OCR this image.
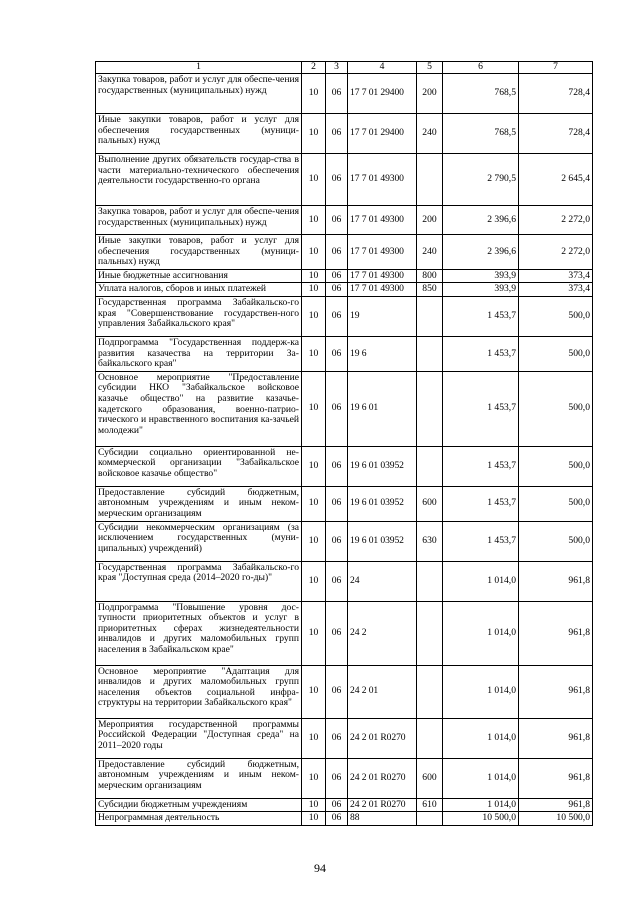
1	2	3	4	5	6	7
Закупка товаров, работ и услуг для обеспе-чения государственных (муниципальных) нужд	10	06	17 7 01 29400	200	768,5	728,4
Иные закупки товаров, работ и услуг для обеспечения государственных (муници-пальных) нужд	10	06	17 7 01 29400	240	768,5	728,4
Выполнение других обязательств государ-ства в части материально-технического обеспечения деятельности государственно-го органа	10	06	17 7 01 49300		2 790,5	2 645,4
Закупка товаров, работ и услуг для обеспе-чения государственных (муниципальных) нужд	10	06	17 7 01 49300	200	2 396,6	2 272,0
Иные закупки товаров, работ и услуг для обеспечения государственных (муници-пальных) нужд	10	06	17 7 01 49300	240	2 396,6	2 272,0
Иные бюджетные ассигнования	10	06	17 7 01 49300	800	393,9	373,4
Уплата налогов, сборов и иных платежей	10	06	17 7 01 49300	850	393,9	373,4
Государственная программа Забайкальско-го края "Совершенствование государствен-ного управления Забайкальского края"	10	06	19		1 453,7	500,0
Подпрограмма "Государственная поддерж-ка развития казачества на территории За-байкальского края"	10	06	19 6		1 453,7	500,0
Основное мероприятие "Предоставление субсидии НКО "Забайкальское войсковое казачье общество" на развитие казачье-кадетского образования, военно-патрио-тического и нравственного воспитания ка-зачьей молодежи"	10	06	19 6 01		1 453,7	500,0
Субсидии социально ориентированной не-коммерческой организации "Забайкальское войсковое казачье общество"	10	06	19 6 01 03952		1 453,7	500,0
Предоставление субсидий бюджетным, автономным учреждениям и иным неком-мерческим организациям	10	06	19 6 01 03952	600	1 453,7	500,0
Субсидии некоммерческим организациям (за исключением государственных (муни-ципальных) учреждений)	10	06	19 6 01 03952	630	1 453,7	500,0
Государственная программа Забайкальско-го края "Доступная среда (2014–2020 го-ды)"	10	06	24		1 014,0	961,8
Подпрограмма "Повышение уровня дос-тупности приоритетных объектов и услуг в приоритетных сферах жизнедеятельности инвалидов и других маломобильных групп населения в Забайкальском крае"	10	06	24 2		1 014,0	961,8
Основное мероприятие "Адаптация для инвалидов и других маломобильных групп населения объектов социальной инфра-структуры на территории Забайкальского края"	10	06	24 2 01		1 014,0	961,8
Мероприятия государственной программы Российской Федерации "Доступная среда" на 2011–2020 годы	10	06	24 2 01 R0270		1 014,0	961,8
Предоставление субсидий бюджетным, автономным учреждениям и иным неком-мерческим организациям	10	06	24 2 01 R0270	600	1 014,0	961,8
Субсидии бюджетным учреждениям	10	06	24 2 01 R0270	610	1 014,0	961,8
Непрограммная деятельность	10	06	88		10 500,0	10 500,0
94
